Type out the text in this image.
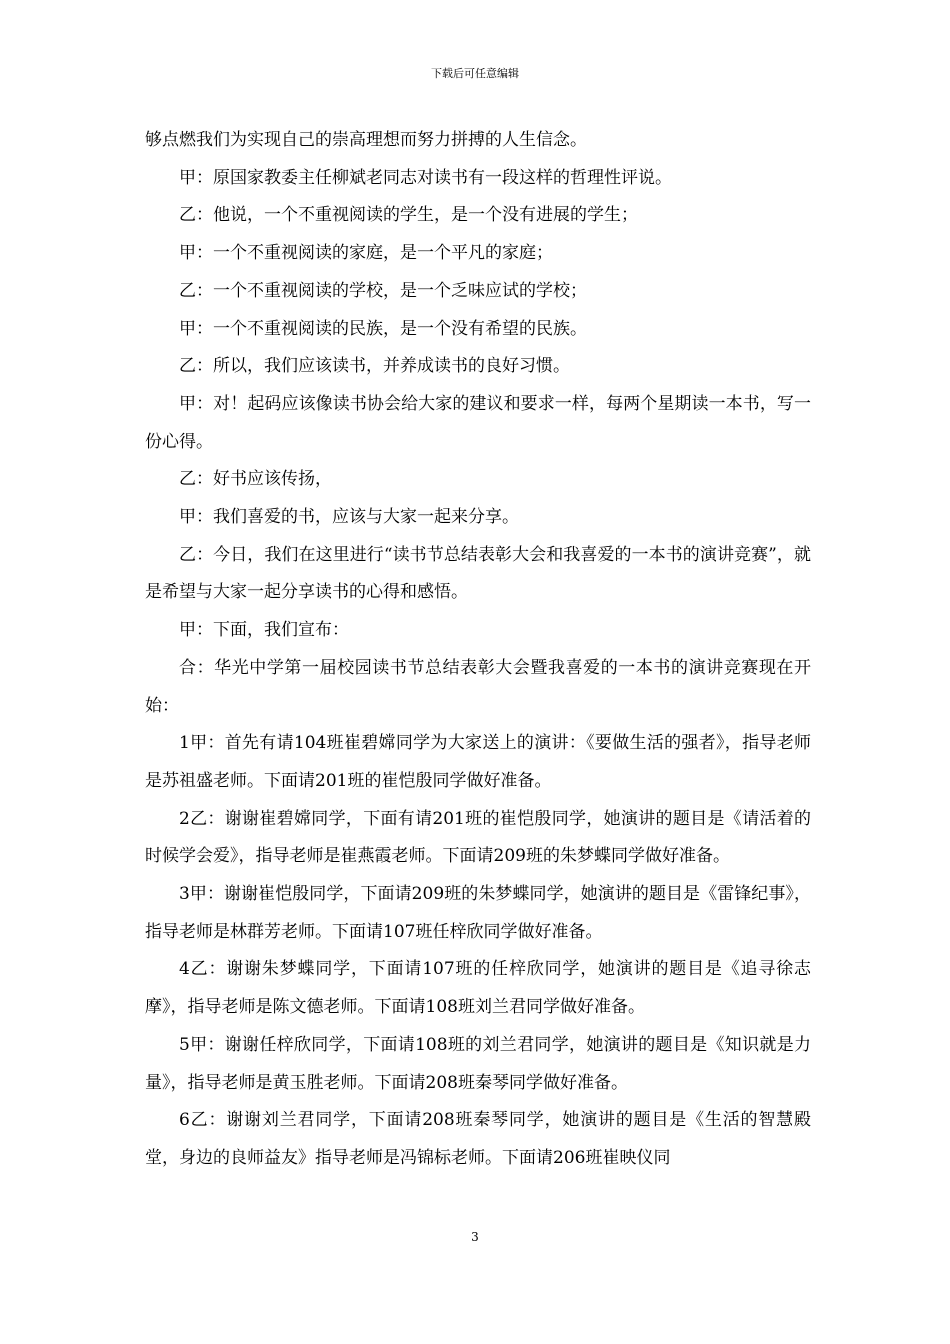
下载后可任意编辑

够点燃我们为实现自己的崇高理想而努力拼搏的人生信念。

甲：原国家教委主任柳斌老同志对读书有一段这样的哲理性评说。

乙：他说，一个不重视阅读的学生，是一个没有进展的学生；

甲：一个不重视阅读的家庭，是一个平凡的家庭；

乙：一个不重视阅读的学校，是一个乏味应试的学校；

甲：一个不重视阅读的民族，是一个没有希望的民族。

乙：所以，我们应该读书，并养成读书的良好习惯。

甲：对！起码应该像读书协会给大家的建议和要求一样，每两个星期读一本书，写一份心得。

乙：好书应该传扬，

甲：我们喜爱的书，应该与大家一起来分享。

乙：今日，我们在这里进行“读书节总结表彰大会和我喜爱的一本书的演讲竞赛”，就是希望与大家一起分享读书的心得和感悟。

甲：下面，我们宣布：

合：华光中学第一届校园读书节总结表彰大会暨我喜爱的一本书的演讲竞赛现在开始：

1甲：首先有请104班崔碧嫦同学为大家送上的演讲：《要做生活的强者》，指导老师是苏祖盛老师。下面请201班的崔恺殷同学做好准备。

2乙：谢谢崔碧嫦同学，下面有请201班的崔恺殷同学，她演讲的题目是《请活着的时候学会爱》，指导老师是崔燕霞老师。下面请209班的朱梦蝶同学做好准备。

3甲：谢谢崔恺殷同学，下面请209班的朱梦蝶同学，她演讲的题目是《雷锋纪事》，指导老师是林群芳老师。下面请107班任梓欣同学做好准备。

4乙：谢谢朱梦蝶同学，下面请107班的任梓欣同学，她演讲的题目是《追寻徐志摩》，指导老师是陈文德老师。下面请108班刘兰君同学做好准备。

5甲：谢谢任梓欣同学，下面请108班的刘兰君同学，她演讲的题目是《知识就是力量》，指导老师是黄玉胜老师。下面请208班秦琴同学做好准备。

6乙：谢谢刘兰君同学，下面请208班秦琴同学，她演讲的题目是《生活的智慧殿堂，身边的良师益友》指导老师是冯锦标老师。下面请206班崔映仪同

3
